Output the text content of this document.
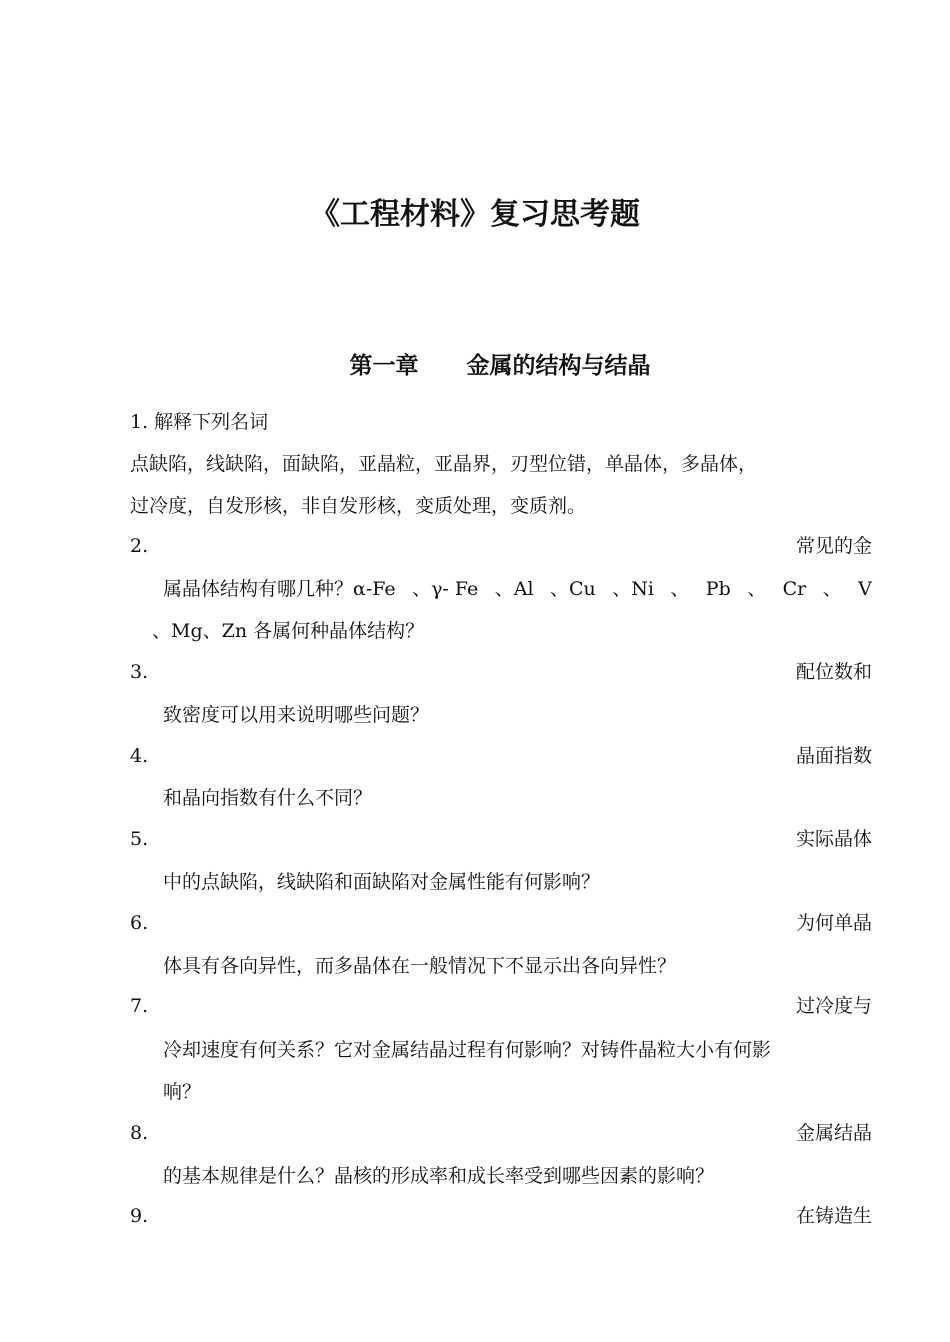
《工程材料》复习思考题
第一章      金属的结构与结晶
1. 解释下列名词
点缺陷，线缺陷，面缺陷，亚晶粒，亚晶界，刃型位错，单晶体，多晶体，
过冷度，自发形核，非自发形核，变质处理，变质剂。
2.	常见的金
属晶体结构有哪几种？α-Fe 、γ- Fe 、Al 、Cu 、Ni 、 Pb 、 Cr 、 V
、Mg、Zn 各属何种晶体结构？
3.	配位数和
致密度可以用来说明哪些问题？
4.	晶面指数
和晶向指数有什么不同？
5.	实际晶体
中的点缺陷，线缺陷和面缺陷对金属性能有何影响？
6.	为何单晶
体具有各向异性，而多晶体在一般情况下不显示出各向异性？
7.	过冷度与
冷却速度有何关系？它对金属结晶过程有何影响？对铸件晶粒大小有何影
响？
8.	金属结晶
的基本规律是什么？晶核的形成率和成长率受到哪些因素的影响？
9.	在铸造生
